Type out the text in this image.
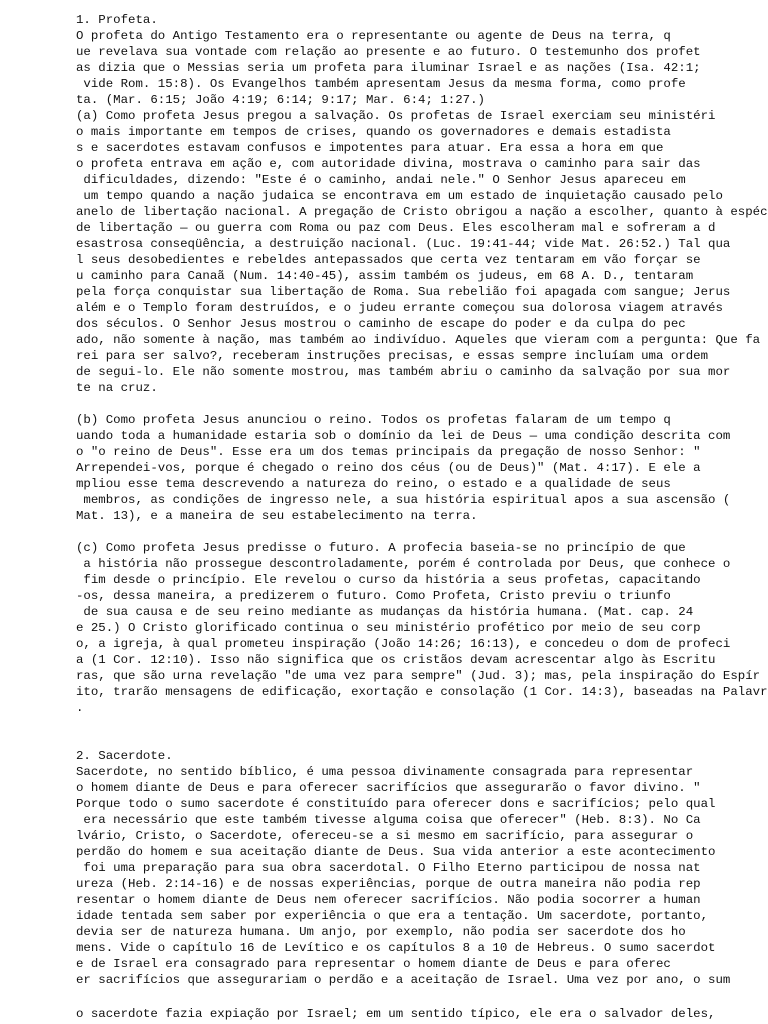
1. Profeta.
O profeta do Antigo Testamento era o representante ou agente de Deus na terra, q
ue revelava sua vontade com relação ao presente e ao futuro. O testemunho dos profet
as dizia que o Messias seria um profeta para iluminar Israel e as nações (Isa. 42:1;
vide Rom. 15:8). Os Evangelhos também apresentam Jesus da mesma forma, como profe
ta. (Mar. 6:15; João 4:19; 6:14; 9:17; Mar. 6:4; 1:27.)
(a) Como profeta Jesus pregou a salvação. Os profetas de Israel exerciam seu ministéri
o mais importante em tempos de crises, quando os governadores e demais estadista
s e sacerdotes estavam confusos e impotentes para atuar. Era essa a hora em que
o profeta entrava em ação e, com autoridade divina, mostrava o caminho para sair das
dificuldades, dizendo: "Este é o caminho, andai nele." O Senhor Jesus apareceu em
um tempo quando a nação judaica se encontrava em um estado de inquietação causado pelo
anelo de libertação nacional. A pregação de Cristo obrigou a nação a escolher, quanto à espéc
de libertação — ou guerra com Roma ou paz com Deus. Eles escolheram mal e sofreram a d
esastrosa conseqüência, a destruição nacional. (Luc. 19:41-44; vide Mat. 26:52.) Tal qua
l seus desobedientes e rebeldes antepassados que certa vez tentaram em vão forçar se
u caminho para Canaã (Num. 14:40-45), assim também os judeus, em 68 A. D., tentaram
pela força conquistar sua libertação de Roma. Sua rebelião foi apagada com sangue; Jerus
além e o Templo foram destruídos, e o judeu errante começou sua dolorosa viagem através
dos séculos. O Senhor Jesus mostrou o caminho de escape do poder e da culpa do pec
ado, não somente à nação, mas também ao indivíduo. Aqueles que vieram com a pergunta: Que fa
rei para ser salvo?, receberam instruções precisas, e essas sempre incluíam uma ordem
de segui-lo. Ele não somente mostrou, mas também abriu o caminho da salvação por sua mor
te na cruz.
(b) Como profeta Jesus anunciou o reino. Todos os profetas falaram de um tempo q
uando toda a humanidade estaria sob o domínio da lei de Deus — uma condição descrita com
o "o reino de Deus". Esse era um dos temas principais da pregação de nosso Senhor: "
Arrependei-vos, porque é chegado o reino dos céus (ou de Deus)" (Mat. 4:17). E ele a
mpliou esse tema descrevendo a natureza do reino, o estado e a qualidade de seus
membros, as condições de ingresso nele, a sua história espiritual apos a sua ascensão (
Mat. 13), e a maneira de seu estabelecimento na terra.
(c) Como profeta Jesus predisse o futuro. A profecia baseia-se no princípio de que
a história não prossegue descontroladamente, porém é controlada por Deus, que conhece o
fim desde o princípio. Ele revelou o curso da história a seus profetas, capacitando
-os, dessa maneira, a predizerem o futuro. Como Profeta, Cristo previu o triunfo
de sua causa e de seu reino mediante as mudanças da história humana. (Mat. cap. 24
e 25.) O Cristo glorificado continua o seu ministério profético por meio de seu corp
o, a igreja, à qual prometeu inspiração (João 14:26; 16:13), e concedeu o dom de profeci
a (1 Cor. 12:10). Isso não significa que os cristãos devam acrescentar algo às Escritu
ras, que são urna revelação "de uma vez para sempre" (Jud. 3); mas, pela inspiração do Espír
ito, trarão mensagens de edificação, exortação e consolação (1 Cor. 14:3), baseadas na Palavr
.
2. Sacerdote.
Sacerdote, no sentido bíblico, é uma pessoa divinamente consagrada para representar
o homem diante de Deus e para oferecer sacrifícios que assegurarão o favor divino. "
Porque todo o sumo sacerdote é constituído para oferecer dons e sacrifícios; pelo qual
era necessário que este também tivesse alguma coisa que oferecer" (Heb. 8:3). No Ca
lvário, Cristo, o Sacerdote, ofereceu-se a si mesmo em sacrifício, para assegurar o
perdão do homem e sua aceitação diante de Deus. Sua vida anterior a este acontecimento
foi uma preparação para sua obra sacerdotal. O Filho Eterno participou de nossa nat
ureza (Heb. 2:14-16) e de nossas experiências, porque de outra maneira não podia rep
resentar o homem diante de Deus nem oferecer sacrifícios. Não podia socorrer a human
idade tentada sem saber por experiência o que era a tentação. Um sacerdote, portanto,
devia ser de natureza humana. Um anjo, por exemplo, não podia ser sacerdote dos ho
mens. Vide o capítulo 16 de Levítico e os capítulos 8 a 10 de Hebreus. O sumo sacerdot
e de Israel era consagrado para representar o homem diante de Deus e para oferec
er sacrifícios que assegurariam o perdão e a aceitação de Israel. Uma vez por ano, o sum
o sacerdote fazia expiação por Israel; em um sentido típico, ele era o salvador deles,
